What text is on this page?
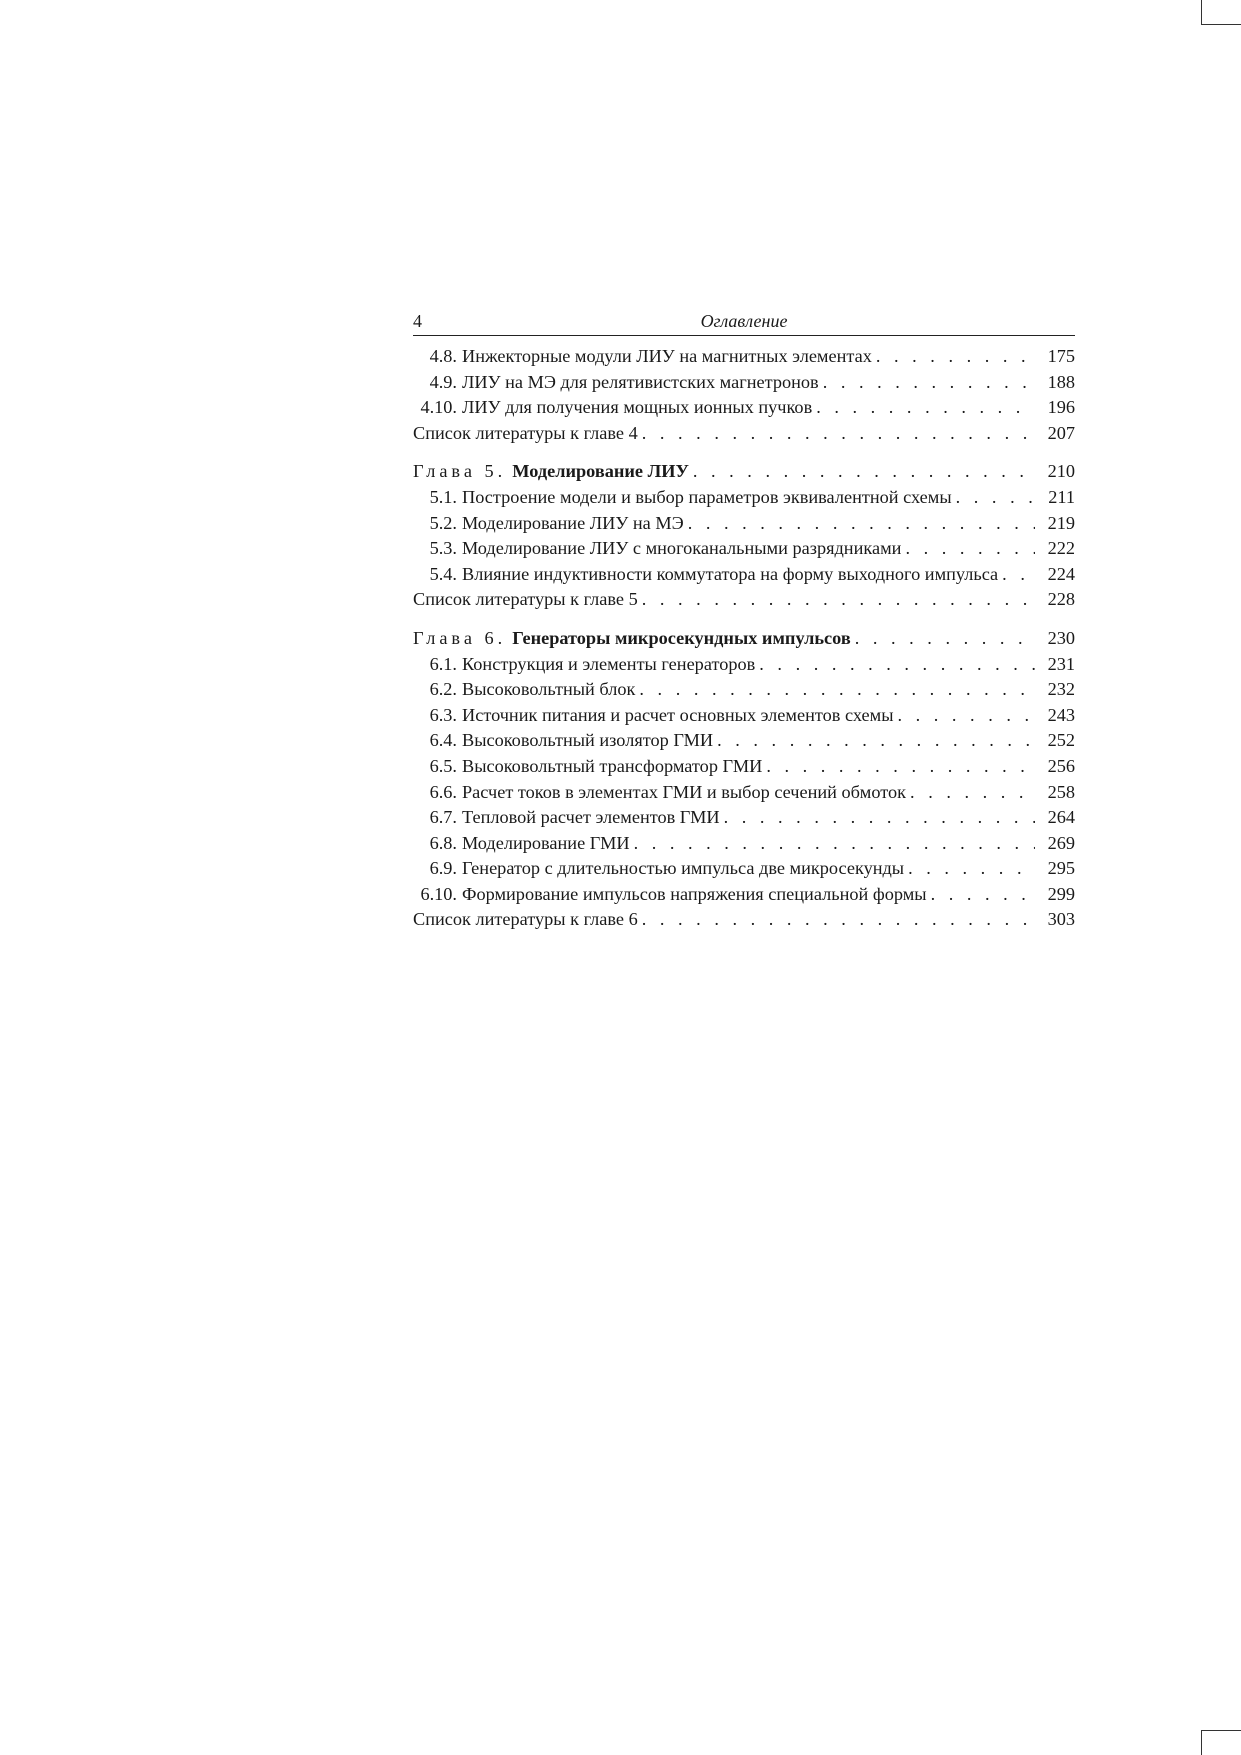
4	Оглавление
4.8. Инжекторные модули ЛИУ на магнитных элементах . . .	175
4.9. ЛИУ на МЭ для релятивистских магнетронов . . .	188
4.10. ЛИУ для получения мощных ионных пучков . . .	196
Список литературы к главе 4 . . .	207
Глава 5. Моделирование ЛИУ . . .	210
5.1. Построение модели и выбор параметров эквивалентной схемы . . .	211
5.2. Моделирование ЛИУ на МЭ . . .	219
5.3. Моделирование ЛИУ с многоканальными разрядниками . . .	222
5.4. Влияние индуктивности коммутатора на форму выходного импульса . . .	224
Список литературы к главе 5 . . .	228
Глава 6. Генераторы микросекундных импульсов . . .	230
6.1. Конструкция и элементы генераторов . . .	231
6.2. Высоковольтный блок . . .	232
6.3. Источник питания и расчет основных элементов схемы . . .	243
6.4. Высоковольтный изолятор ГМИ . . .	252
6.5. Высоковольтный трансформатор ГМИ . . .	256
6.6. Расчет токов в элементах ГМИ и выбор сечений обмоток . . .	258
6.7. Тепловой расчет элементов ГМИ . . .	264
6.8. Моделирование ГМИ . . .	269
6.9. Генератор с длительностью импульса две микросекунды . . .	295
6.10. Формирование импульсов напряжения специальной формы . . .	299
Список литературы к главе 6 . . .	303
